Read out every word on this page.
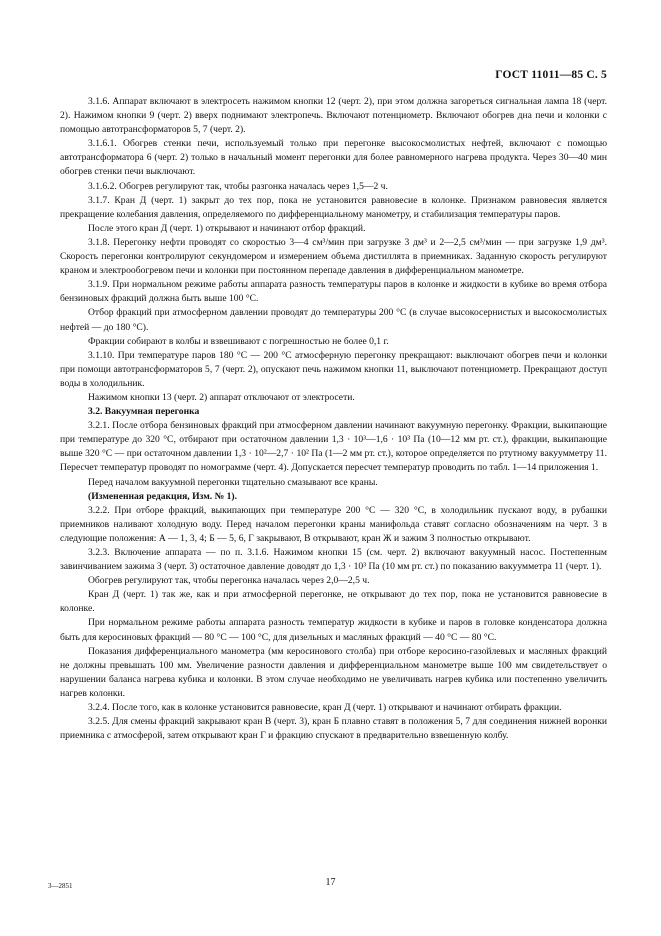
ГОСТ 11011—85 С. 5

3.1.6. Аппарат включают в электросеть нажимом кнопки 12 (черт. 2), при этом должна загореться сигнальная лампа 18 (черт. 2). Нажимом кнопки 9 (черт. 2) вверх поднимают электропечь. Включают потенциометр. Включают обогрев дна печи и колонки с помощью автотрансформаторов 5, 7 (черт. 2).

3.1.6.1. Обогрев стенки печи, используемый только при перегонке высокосмолистых нефтей, включают с помощью автотрансформатора 6 (черт. 2) только в начальный момент перегонки для более равномерного нагрева продукта. Через 30—40 мин обогрев стенки печи выключают.

3.1.6.2. Обогрев регулируют так, чтобы разгонка началась через 1,5—2 ч.

3.1.7. Кран Д (черт. 1) закрыт до тех пор, пока не установится равновесие в колонке. Признаком равновесия является прекращение колебания давления, определяемого по дифференциальному манометру, и стабилизация температуры паров.

После этого кран Д (черт. 1) открывают и начинают отбор фракций.

3.1.8. Перегонку нефти проводят со скоростью 3—4 см³/мин при загрузке 3 дм³ и 2—2,5 см³/мин — при загрузке 1,9 дм³. Скорость перегонки контролируют секундомером и измерением объема дистиллята в приемниках. Заданную скорость регулируют краном и электрообогревом печи и колонки при постоянном перепаде давления в дифференциальном манометре.

3.1.9. При нормальном режиме работы аппарата разность температуры паров в колонке и жидкости в кубике во время отбора бензиновых фракций должна быть выше 100 °С.

Отбор фракций при атмосферном давлении проводят до температуры 200 °С (в случае высокосернистых и высокосмолистых нефтей — до 180 °С).

Фракции собирают в колбы и взвешивают с погрешностью не более 0,1 г.

3.1.10. При температуре паров 180 °С — 200 °С атмосферную перегонку прекращают: выключают обогрев печи и колонки при помощи автотрансформаторов 5, 7 (черт. 2), опускают печь нажимом кнопки 11, выключают потенциометр. Прекращают доступ воды в холодильник.

Нажимом кнопки 13 (черт. 2) аппарат отключают от электросети.

3.2. Вакуумная перегонка

3.2.1. После отбора бензиновых фракций при атмосферном давлении начинают вакуумную перегонку. Фракции, выкипающие при температуре до 320 °С, отбирают при остаточном давлении 1,3 · 10³—1,6 · 10³ Па (10—12 мм рт. ст.), фракции, выкипающие выше 320 °С — при остаточном давлении 1,3 · 10²—2,7 · 10² Па (1—2 мм рт. ст.), которое определяется по ртутному вакуумметру 11. Пересчет температур проводят по номограмме (черт. 4). Допускается пересчет температур проводить по табл. 1—14 приложения 1.

Перед началом вакуумной перегонки тщательно смазывают все краны.

(Измененная редакция, Изм. № 1).

3.2.2. При отборе фракций, выкипающих при температуре 200 °С — 320 °С, в холодильник пускают воду, в рубашки приемников наливают холодную воду. Перед началом перегонки краны манифольда ставят согласно обозначениям на черт. 3 в следующие положения: А — 1, 3, 4; Б — 5, 6, Г закрывают, В открывают, кран Ж и зажим З полностью открывают.

3.2.3. Включение аппарата — по п. 3.1.6. Нажимом кнопки 15 (см. черт. 2) включают вакуумный насос. Постепенным завинчиванием зажима З (черт. 3) остаточное давление доводят до 1,3 · 10³ Па (10 мм рт. ст.) по показанию вакуумметра 11 (черт. 1).

Обогрев регулируют так, чтобы перегонка началась через 2,0—2,5 ч.

Кран Д (черт. 1) так же, как и при атмосферной перегонке, не открывают до тех пор, пока не установится равновесие в колонке.

При нормальном режиме работы аппарата разность температур жидкости в кубике и паров в головке конденсатора должна быть для керосиновых фракций — 80 °С — 100 °С, для дизельных и масляных фракций — 40 °С — 80 °С.

Показания дифференциального манометра (мм керосинового столба) при отборе керосино-газойлевых и масляных фракций не должны превышать 100 мм. Увеличение разности давления и дифференциальном манометре выше 100 мм свидетельствует о нарушении баланса нагрева кубика и колонки. В этом случае необходимо не увеличивать нагрев кубика или постепенно увеличить нагрев колонки.

3.2.4. После того, как в колонке установится равновесие, кран Д (черт. 1) открывают и начинают отбирать фракции.

3.2.5. Для смены фракций закрывают кран В (черт. 3), кран Б плавно ставят в положения 5, 7 для соединения нижней воронки приемника с атмосферой, затем открывают кран Г и фракцию спускают в предварительно взвешенную колбу.

3—2851	17
